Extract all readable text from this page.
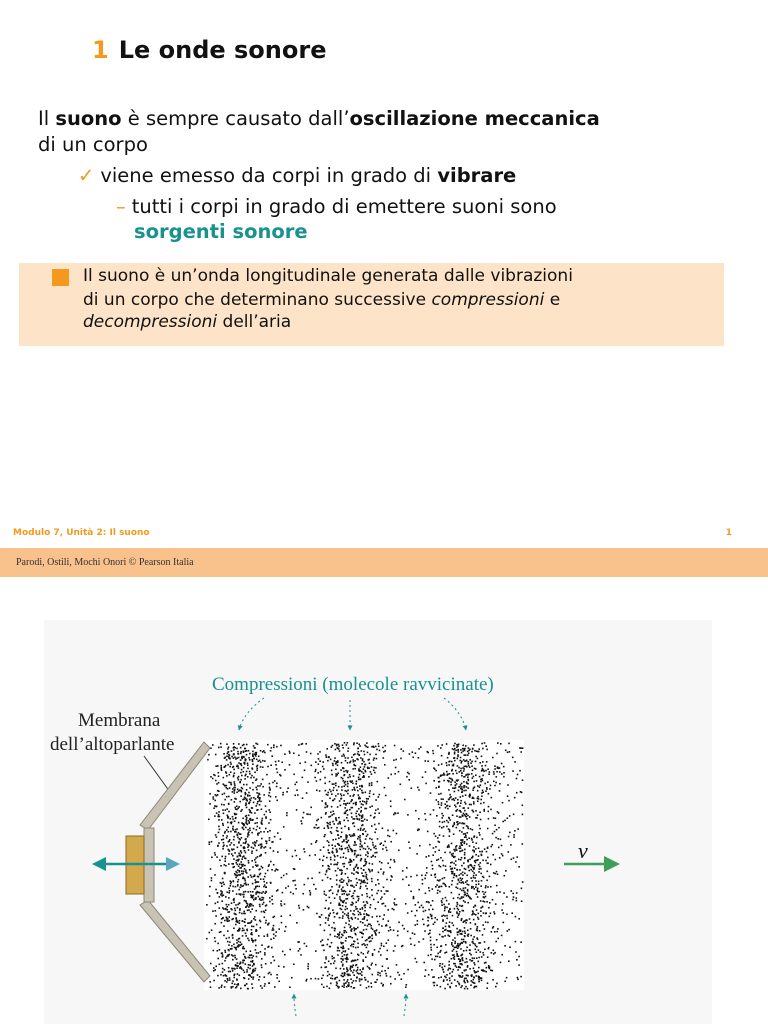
1 Le onde sonore
Il suono è sempre causato dall’oscillazione meccanica
di un corpo
✓ viene emesso da corpi in grado di vibrare
– tutti i corpi in grado di emettere suoni sono
sorgenti sonore
Il suono è un’onda longitudinale generata dalle vibrazioni
di un corpo che determinano successive compressioni e
decompressioni dell’aria
Modulo 7, Unità 2: Il suono	1
Parodi, Ostili, Mochi Onori © Pearson Italia
Compressioni (molecole ravvicinate)
Membrana
dell’altoparlante
v
